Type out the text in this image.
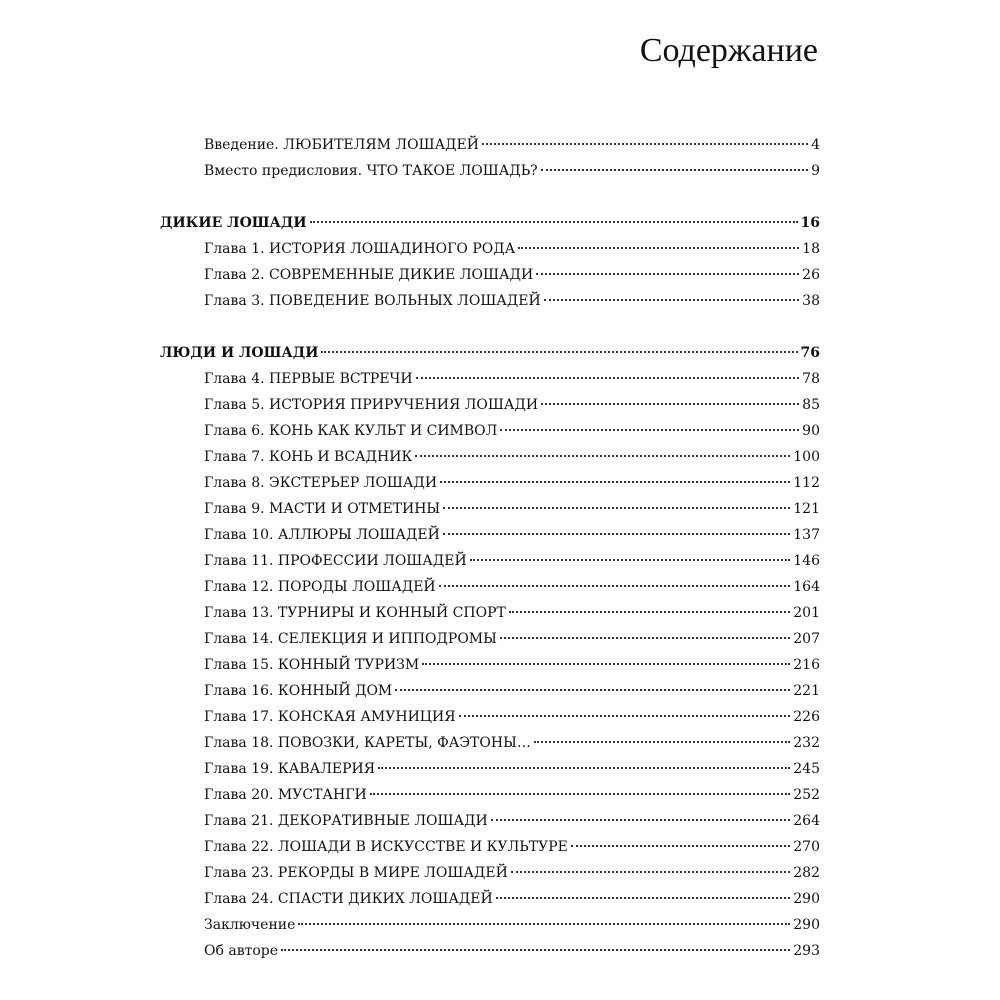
Содержание
Введение. ЛЮБИТЕЛЯМ ЛОШАДЕЙ	4
Вместо предисловия. ЧТО ТАКОЕ ЛОШАДЬ?	9
ДИКИЕ ЛОШАДИ	16
Глава 1. ИСТОРИЯ ЛОШАДИНОГО РОДА	18
Глава 2. СОВРЕМЕННЫЕ ДИКИЕ ЛОШАДИ	26
Глава 3. ПОВЕДЕНИЕ ВОЛЬНЫХ ЛОШАДЕЙ	38
ЛЮДИ И ЛОШАДИ	76
Глава 4. ПЕРВЫЕ ВСТРЕЧИ	78
Глава 5. ИСТОРИЯ ПРИРУЧЕНИЯ ЛОШАДИ	85
Глава 6. КОНЬ КАК КУЛЬТ И СИМВОЛ	90
Глава 7. КОНЬ И ВСАДНИК	100
Глава 8. ЭКСТЕРЬЕР ЛОШАДИ	112
Глава 9. МАСТИ И ОТМЕТИНЫ	121
Глава 10. АЛЛЮРЫ ЛОШАДЕЙ	137
Глава 11. ПРОФЕССИИ ЛОШАДЕЙ	146
Глава 12. ПОРОДЫ ЛОШАДЕЙ	164
Глава 13. ТУРНИРЫ И КОННЫЙ СПОРТ	201
Глава 14. СЕЛЕКЦИЯ И ИППОДРОМЫ	207
Глава 15. КОННЫЙ ТУРИЗМ	216
Глава 16. КОННЫЙ ДОМ	221
Глава 17. КОНСКАЯ АМУНИЦИЯ	226
Глава 18. ПОВОЗКИ, КАРЕТЫ, ФАЭТОНЫ…	232
Глава 19. КАВАЛЕРИЯ	245
Глава 20. МУСТАНГИ	252
Глава 21. ДЕКОРАТИВНЫЕ ЛОШАДИ	264
Глава 22. ЛОШАДИ В ИСКУССТВЕ И КУЛЬТУРЕ	270
Глава 23. РЕКОРДЫ В МИРЕ ЛОШАДЕЙ	282
Глава 24. СПАСТИ ДИКИХ ЛОШАДЕЙ	290
Заключение	290
Об авторе	293
